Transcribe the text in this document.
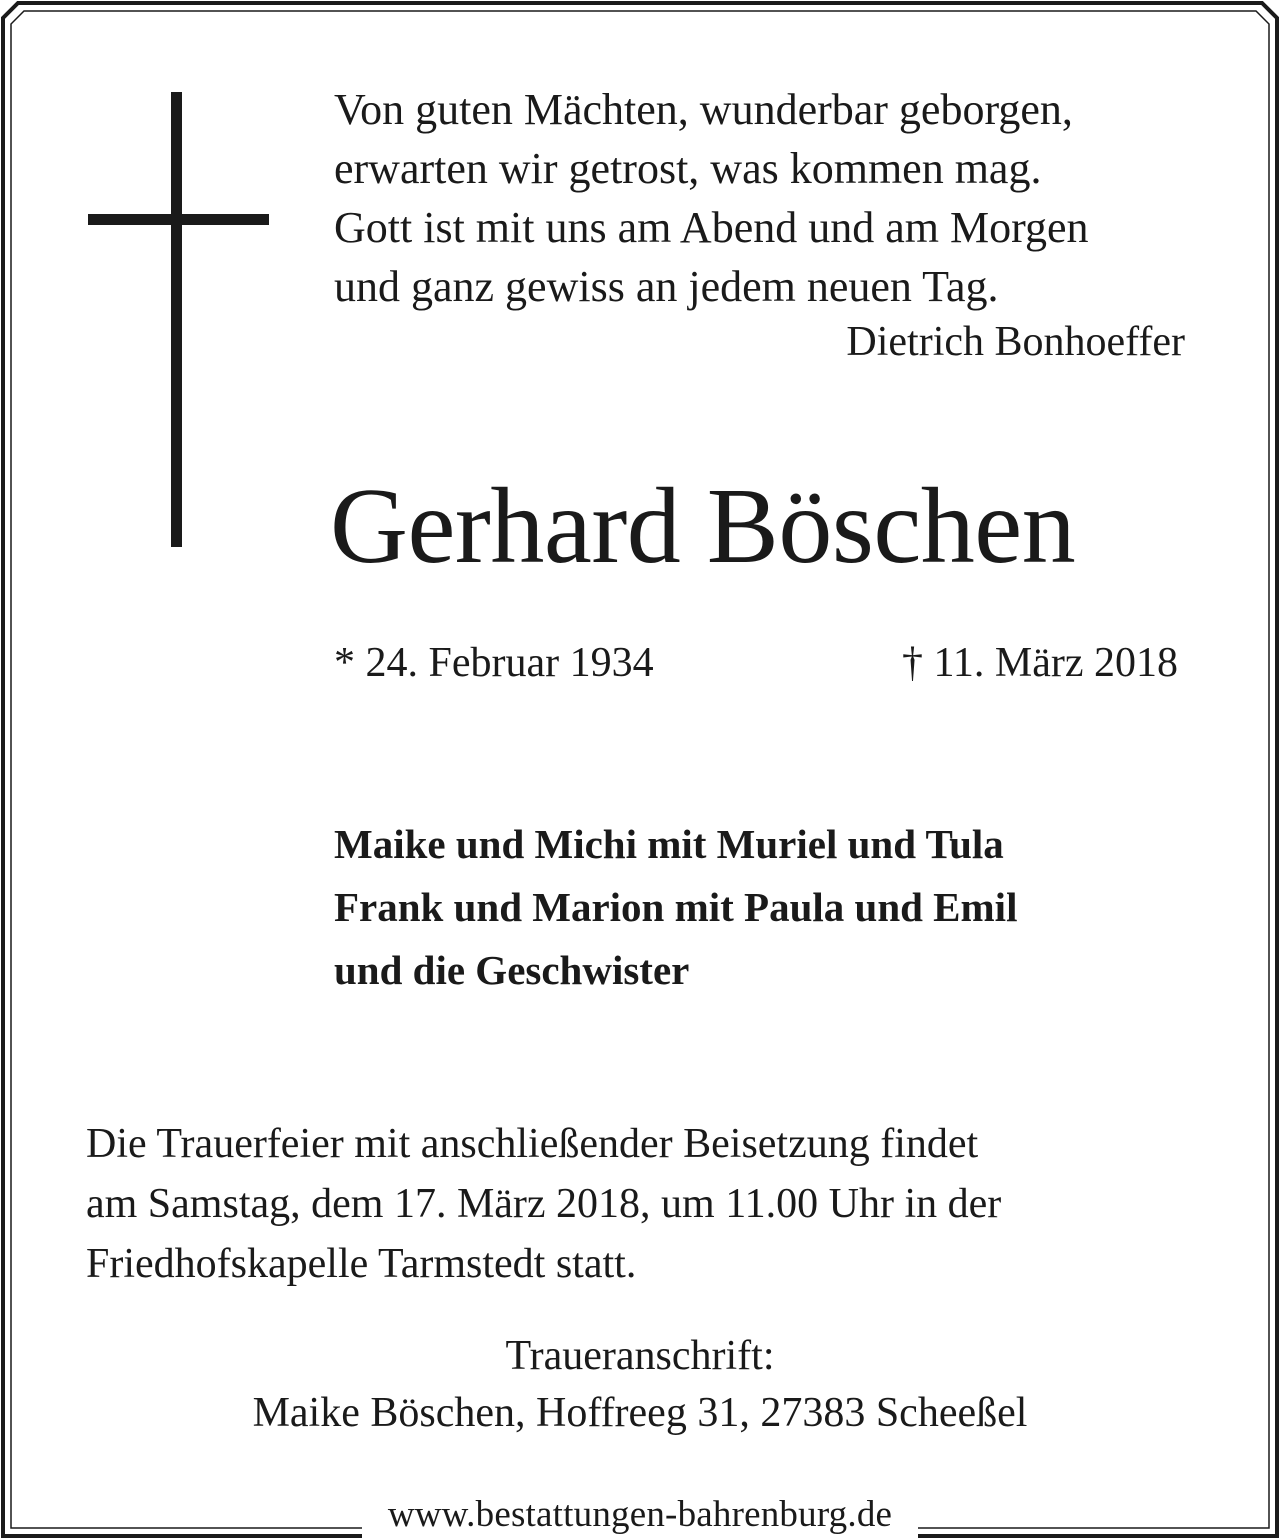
Von guten Mächten, wunderbar geborgen,
erwarten wir getrost, was kommen mag.
Gott ist mit uns am Abend und am Morgen
und ganz gewiss an jedem neuen Tag.
Dietrich Bonhoeffer
Gerhard Böschen
* 24. Februar 1934	† 11. März 2018
Maike und Michi mit Muriel und Tula
Frank und Marion mit Paula und Emil
und die Geschwister
Die Trauerfeier mit anschließender Beisetzung findet
am Samstag, dem 17. März 2018, um 11.00 Uhr in der
Friedhofskapelle Tarmstedt statt.
Traueranschrift:
Maike Böschen, Hoffreeg 31, 27383 Scheeßel
www.bestattungen-bahrenburg.de
